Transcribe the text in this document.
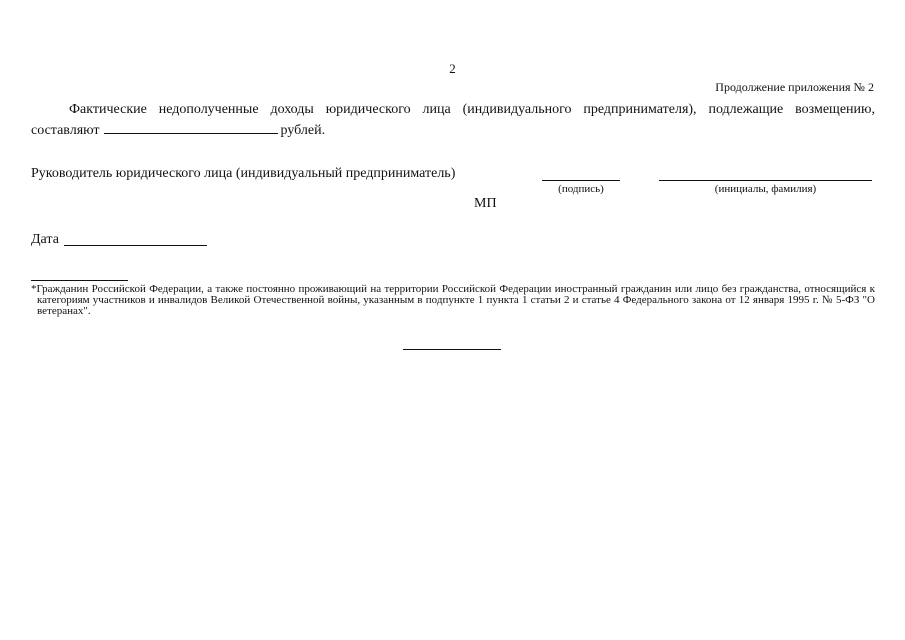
2
Продолжение приложения № 2
Фактические недополученные доходы юридического лица (индивидуального предпринимателя), подлежащие возмещению, составляют	рублей.
Руководитель юридического лица (индивидуальный предприниматель)
(подпись)	(инициалы, фамилия)
МП
Дата
*Гражданин Российской Федерации, а также постоянно проживающий на территории Российской Федерации иностранный гражданин или лицо без гражданства, относящийся к категориям участников и инвалидов Великой Отечественной войны, указанным в подпункте 1 пункта 1 статьи 2 и статье 4 Федерального закона от 12 января 1995 г. № 5-ФЗ "О ветеранах".
